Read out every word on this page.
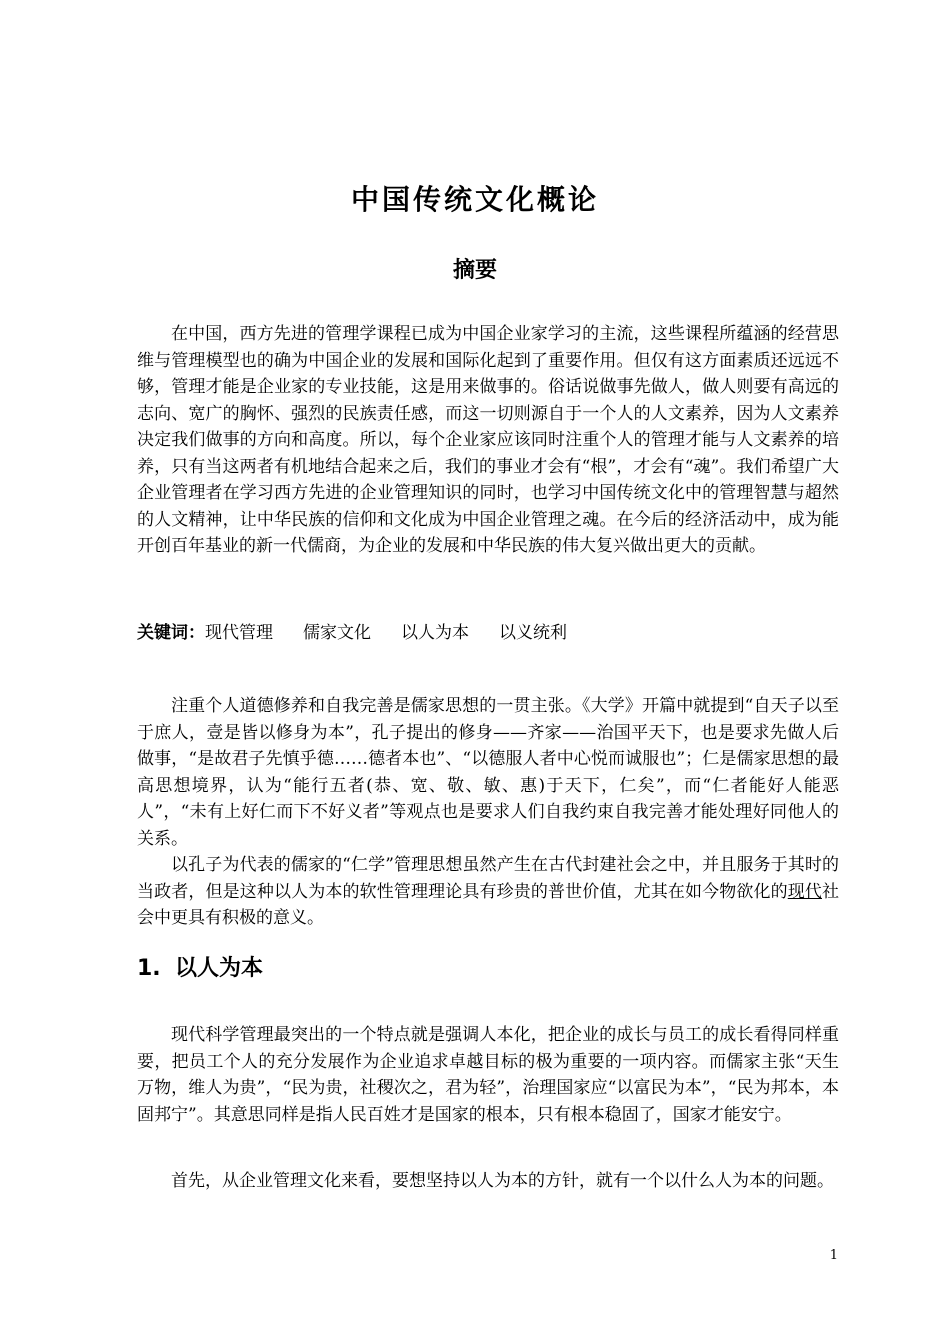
中国传统文化概论
摘要

在中国，西方先进的管理学课程已成为中国企业家学习的主流，这些课程所蕴涵的经营思维与管理模型也的确为中国企业的发展和国际化起到了重要作用。但仅有这方面素质还远远不够，管理才能是企业家的专业技能，这是用来做事的。俗话说做事先做人，做人则要有高远的志向、宽广的胸怀、强烈的民族责任感，而这一切则源自于一个人的人文素养，因为人文素养决定我们做事的方向和高度。所以，每个企业家应该同时注重个人的管理才能与人文素养的培养，只有当这两者有机地结合起来之后，我们的事业才会有“根”，才会有“魂”。我们希望广大企业管理者在学习西方先进的企业管理知识的同时，也学习中国传统文化中的管理智慧与超然的人文精神，让中华民族的信仰和文化成为中国企业管理之魂。在今后的经济活动中，成为能开创百年基业的新一代儒商，为企业的发展和中华民族的伟大复兴做出更大的贡献。

关键词：现代管理 儒家文化 以人为本 以义统利

注重个人道德修养和自我完善是儒家思想的一贯主张。《大学》开篇中就提到“自天子以至于庶人，壹是皆以修身为本”，孔子提出的修身——齐家——治国平天下，也是要求先做人后做事，“是故君子先慎乎德……德者本也”、“以德服人者中心悦而诚服也”；仁是儒家思想的最高思想境界，认为“能行五者(恭、宽、敬、敏、惠)于天下，仁矣”，而“仁者能好人能恶人”，“未有上好仁而下不好义者”等观点也是要求人们自我约束自我完善才能处理好同他人的关系。

以孔子为代表的儒家的“仁学”管理思想虽然产生在古代封建社会之中，并且服务于其时的当政者，但是这种以人为本的软性管理理论具有珍贵的普世价值，尤其在如今物欲化的现代社会中更具有积极的意义。

1. 以人为本

现代科学管理最突出的一个特点就是强调人本化，把企业的成长与员工的成长看得同样重要，把员工个人的充分发展作为企业追求卓越目标的极为重要的一项内容。而儒家主张“天生万物，维人为贵”，“民为贵，社稷次之，君为轻”，治理国家应“以富民为本”，“民为邦本，本固邦宁”。其意思同样是指人民百姓才是国家的根本，只有根本稳固了，国家才能安宁。

首先，从企业管理文化来看，要想坚持以人为本的方针，就有一个以什么人为本的问题。

1
